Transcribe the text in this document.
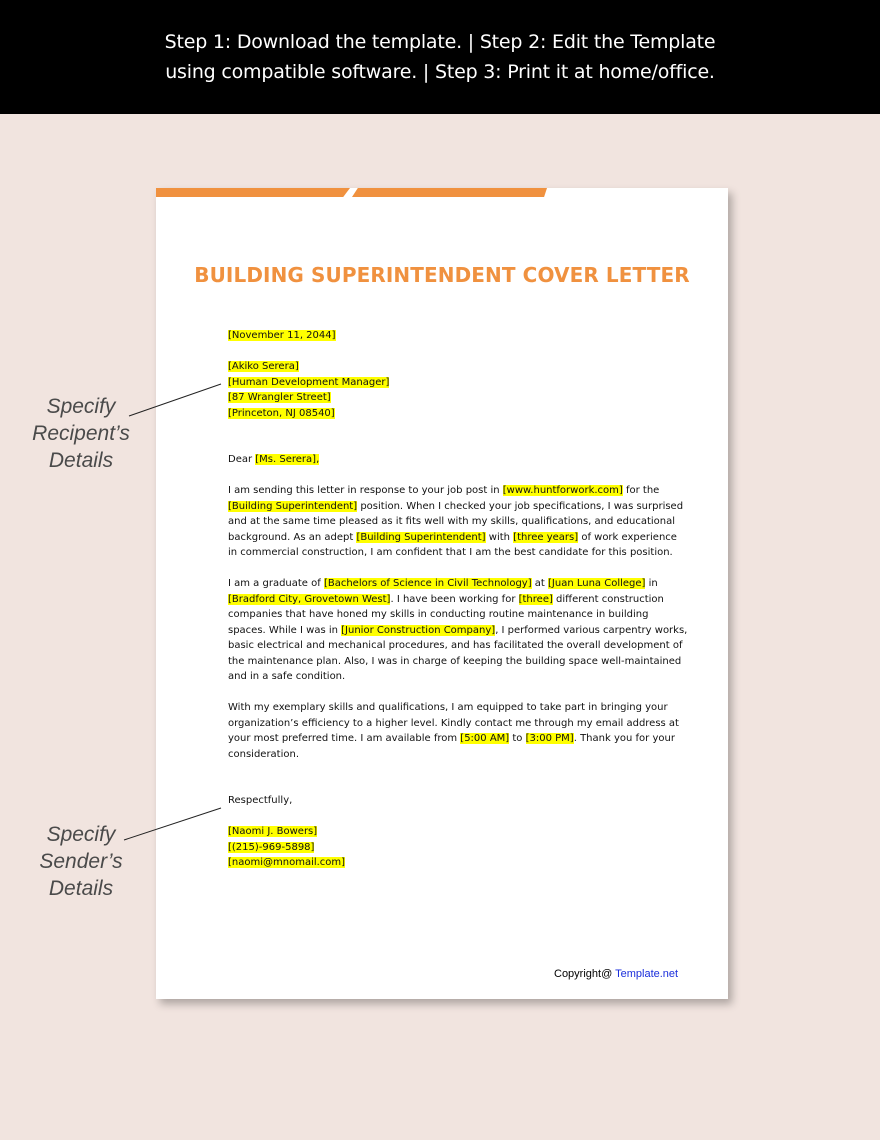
Step 1: Download the template. | Step 2: Edit the Template
using compatible software. | Step 3: Print it at home/office.
BUILDING SUPERINTENDENT COVER LETTER

[November 11, 2044]

[Akiko Serera]

[Human Development Manager]

[87 Wrangler Street]

[Princeton, NJ 08540]

Dear [Ms. Serera],

I am sending this letter in response to your job post in [www.huntforwork.com] for the [Building Superintendent] position. When I checked your job specifications, I was surprised and at the same time pleased as it fits well with my skills, qualifications, and educational background. As an adept [Building Superintendent] with [three years] of work experience in commercial construction, I am confident that I am the best candidate for this position.

I am a graduate of [Bachelors of Science in Civil Technology] at [Juan Luna College] in [Bradford City, Grovetown West]. I have been working for [three] different construction companies that have honed my skills in conducting routine maintenance in building spaces. While I was in [Junior Construction Company], I performed various carpentry works, basic electrical and mechanical procedures, and has facilitated the overall development of the maintenance plan. Also, I was in charge of keeping the building space well-maintained and in a safe condition.

With my exemplary skills and qualifications, I am equipped to take part in bringing your organization’s efficiency to a higher level. Kindly contact me through my email address at your most preferred time. I am available from [5:00 AM] to [3:00 PM]. Thank you for your consideration.

Respectfully,

[Naomi J. Bowers]

[(215)-969-5898]

[naomi@mnomail.com]

Copyright@ Template.net
Specify
Recipent’s
Details
Specify
Sender’s
Details
